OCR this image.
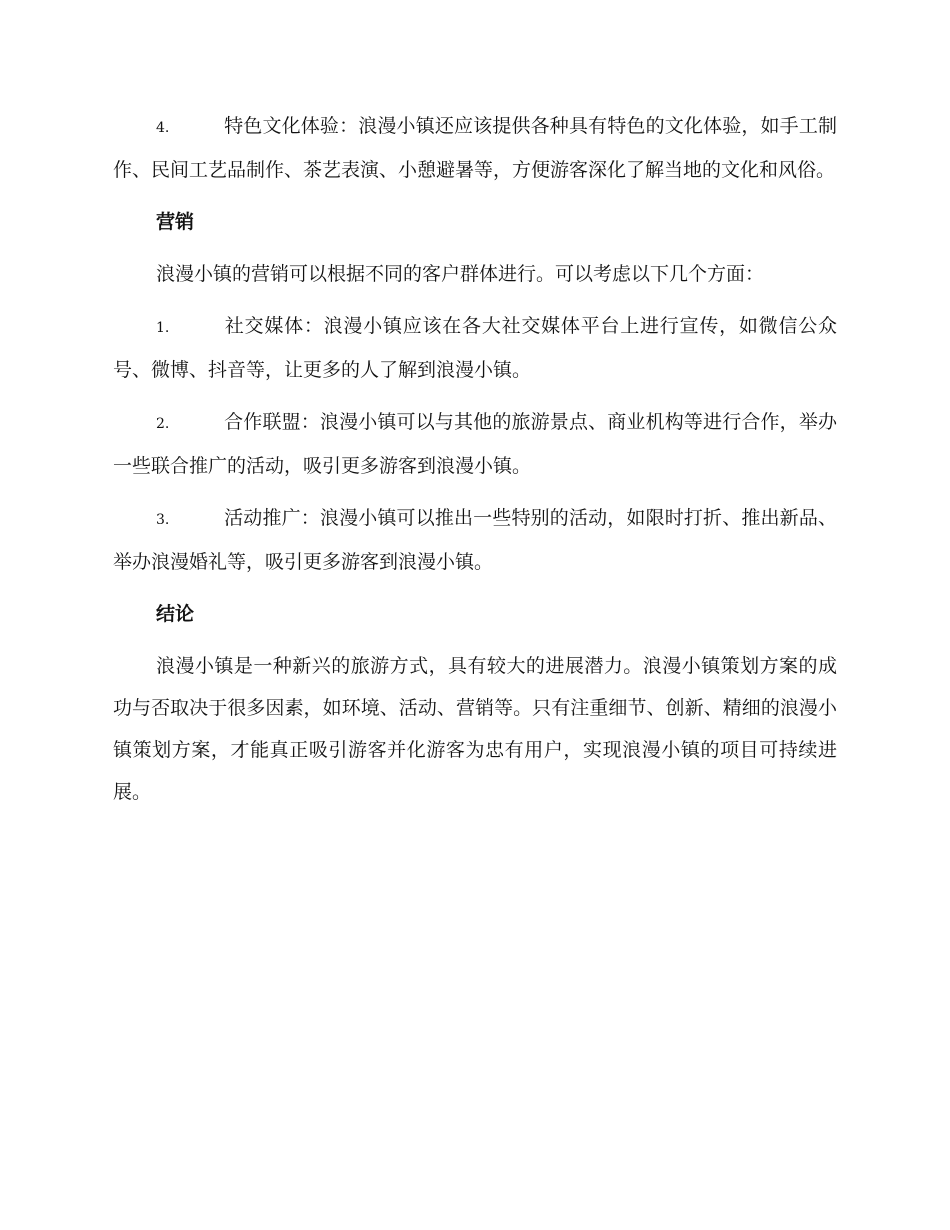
4.	特色文化体验：浪漫小镇还应该提供各种具有特色的文化体验，如手工制作、民间工艺品制作、茶艺表演、小憩避暑等，方便游客深化了解当地的文化和风俗。

营销

浪漫小镇的营销可以根据不同的客户群体进行。可以考虑以下几个方面：

1.	社交媒体：浪漫小镇应该在各大社交媒体平台上进行宣传，如微信公众号、微博、抖音等，让更多的人了解到浪漫小镇。

2.	合作联盟：浪漫小镇可以与其他的旅游景点、商业机构等进行合作，举办一些联合推广的活动，吸引更多游客到浪漫小镇。

3.	活动推广：浪漫小镇可以推出一些特别的活动，如限时打折、推出新品、举办浪漫婚礼等，吸引更多游客到浪漫小镇。

结论

浪漫小镇是一种新兴的旅游方式，具有较大的进展潜力。浪漫小镇策划方案的成功与否取决于很多因素，如环境、活动、营销等。只有注重细节、创新、精细的浪漫小镇策划方案，才能真正吸引游客并化游客为忠有用户，实现浪漫小镇的项目可持续进展。
